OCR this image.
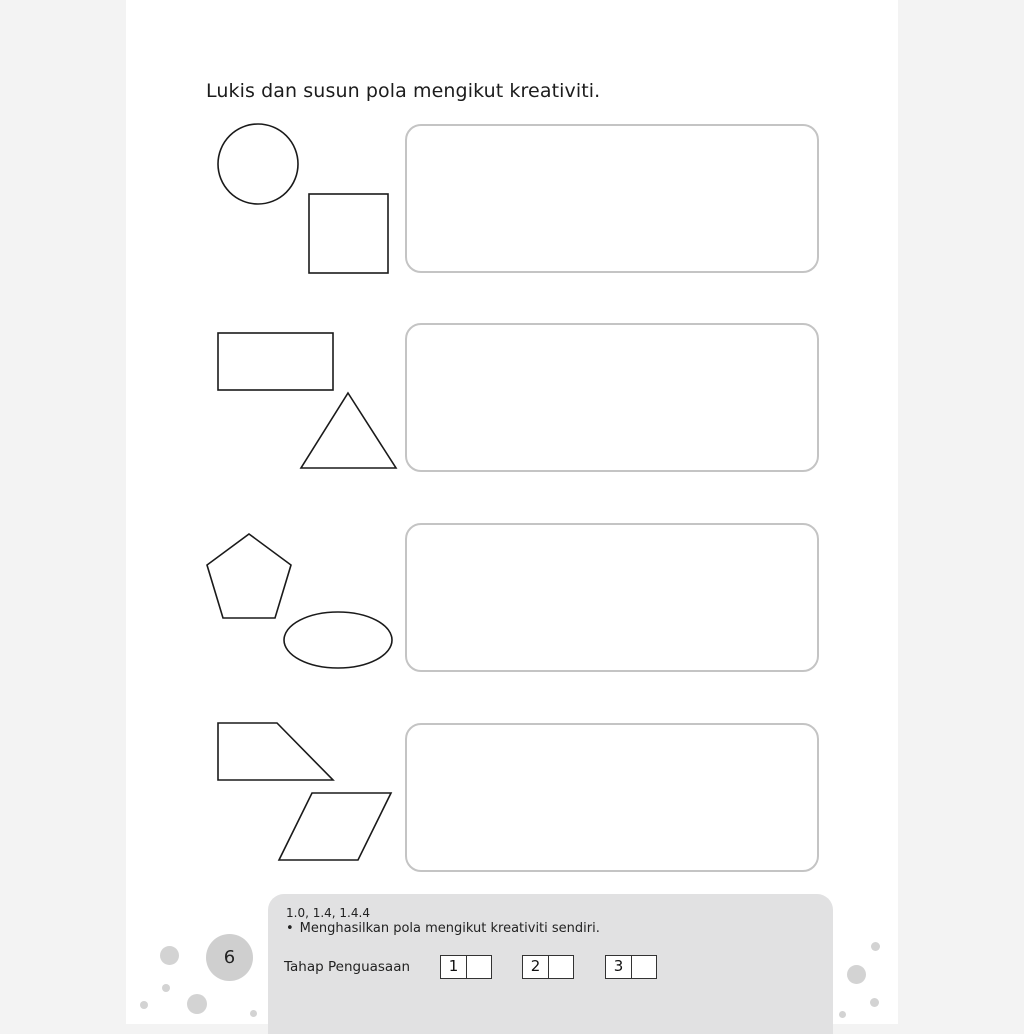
Lukis dan susun pola mengikut kreativiti.
1.0, 1.4, 1.4.4
• Menghasilkan pola mengikut kreativiti sendiri.
Tahap Penguasaan	1	2	3
6
